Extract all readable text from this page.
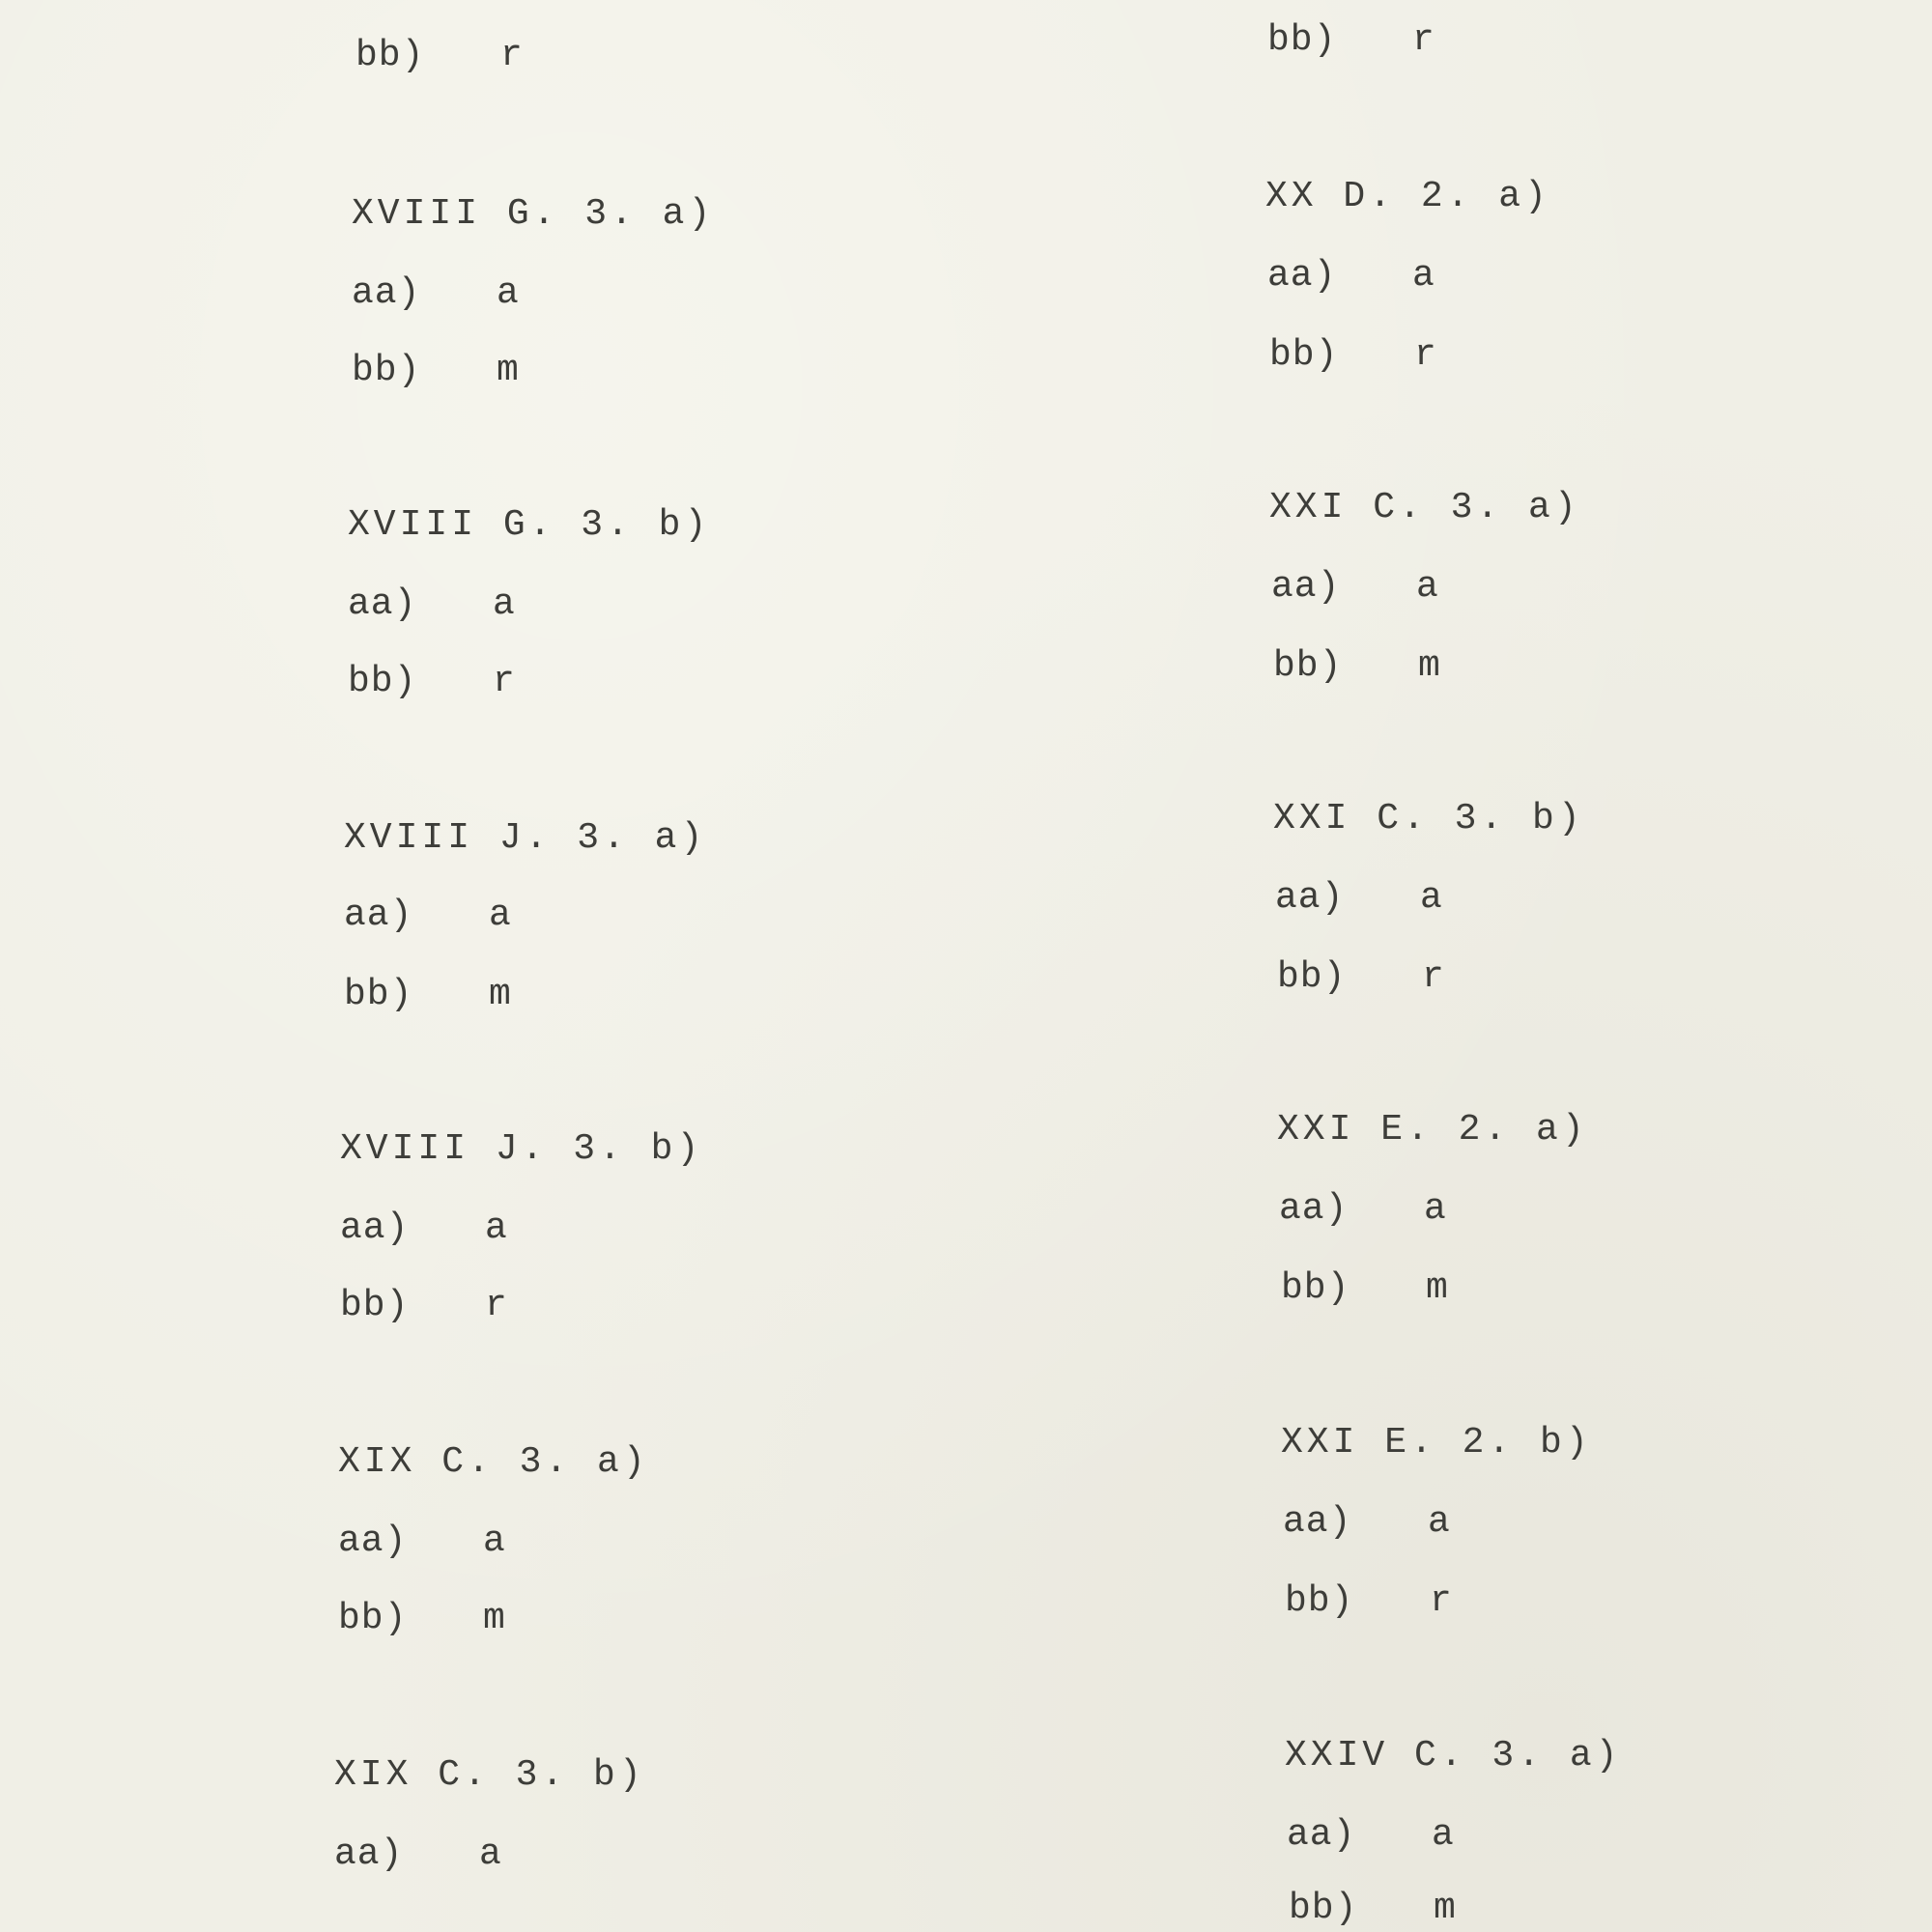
bb) r
XVIII G. 3. a)
aa) a
bb) m
XVIII G. 3. b)
aa) a
bb) r
XVIII J. 3. a)
aa) a
bb) m
XVIII J. 3. b)
aa) a
bb) r
XIX C. 3. a)
aa) a
bb) m
XIX C. 3. b)
aa) a
bb) r
XX D. 2. a)
aa) a
bb) r
XXI C. 3. a)
aa) a
bb) m
XXI C. 3. b)
aa) a
bb) r
XXI E. 2. a)
aa) a
bb) m
XXI E. 2. b)
aa) a
bb) r
XXIV C. 3. a)
aa) a
bb) m
